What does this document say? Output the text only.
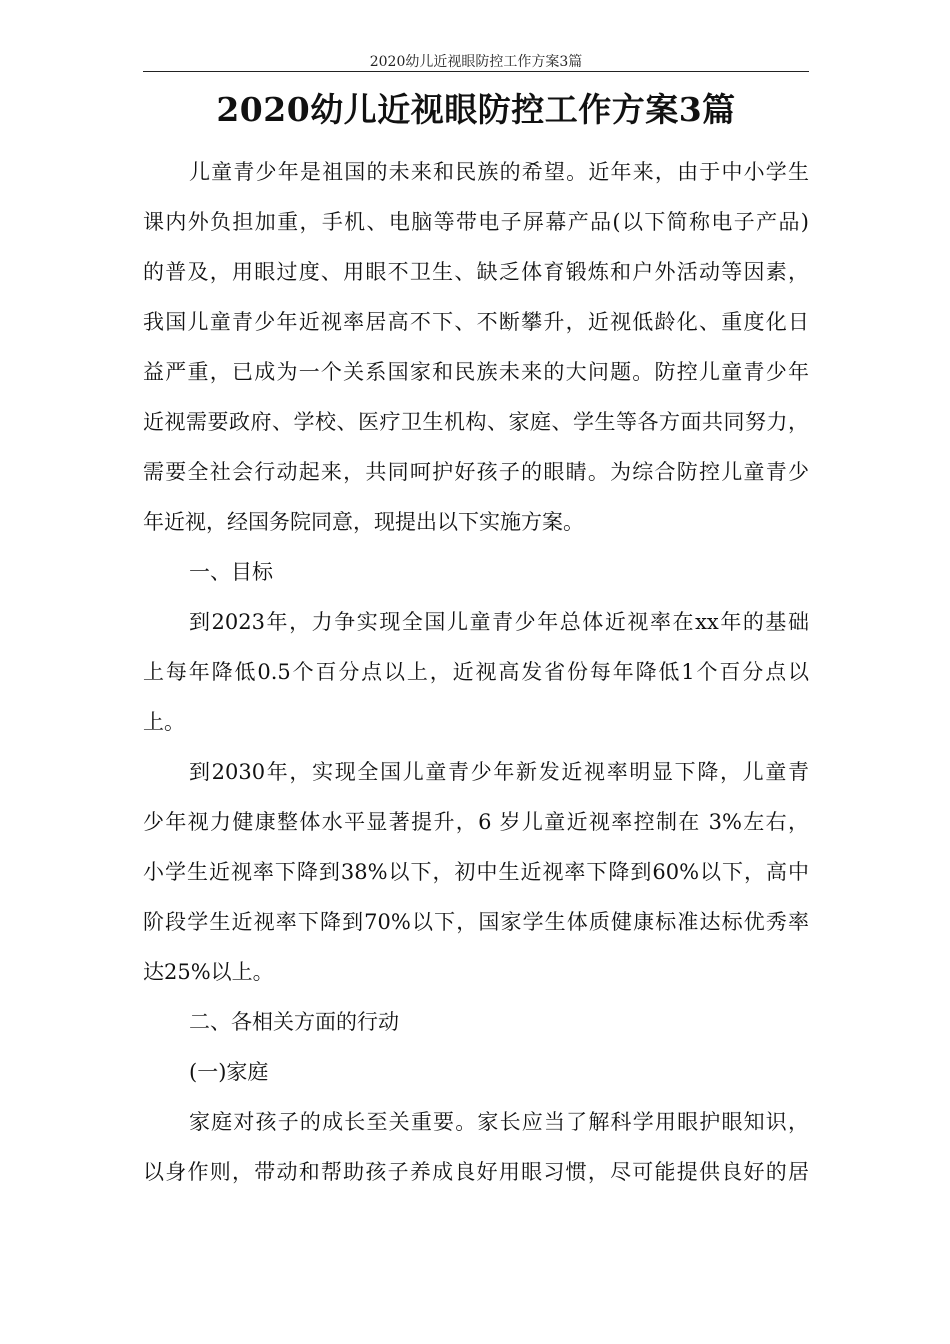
2020幼儿近视眼防控工作方案3篇
2020幼儿近视眼防控工作方案3篇
儿童青少年是祖国的未来和民族的希望。近年来，由于中小学生
课内外负担加重，手机、电脑等带电子屏幕产品(以下简称电子产品)
的普及，用眼过度、用眼不卫生、缺乏体育锻炼和户外活动等因素，
我国儿童青少年近视率居高不下、不断攀升，近视低龄化、重度化日
益严重，已成为一个关系国家和民族未来的大问题。防控儿童青少年
近视需要政府、学校、医疗卫生机构、家庭、学生等各方面共同努力，
需要全社会行动起来，共同呵护好孩子的眼睛。为综合防控儿童青少
年近视，经国务院同意，现提出以下实施方案。
一、目标
到2023年，力争实现全国儿童青少年总体近视率在xx年的基础
上每年降低0.5个百分点以上，近视高发省份每年降低1个百分点以
上。
到2030年，实现全国儿童青少年新发近视率明显下降，儿童青
少年视力健康整体水平显著提升，6 岁儿童近视率控制在 3%左右，
小学生近视率下降到38%以下，初中生近视率下降到60%以下，高中
阶段学生近视率下降到70%以下，国家学生体质健康标准达标优秀率
达25%以上。
二、各相关方面的行动
(一)家庭
家庭对孩子的成长至关重要。家长应当了解科学用眼护眼知识，
以身作则，带动和帮助孩子养成良好用眼习惯，尽可能提供良好的居
